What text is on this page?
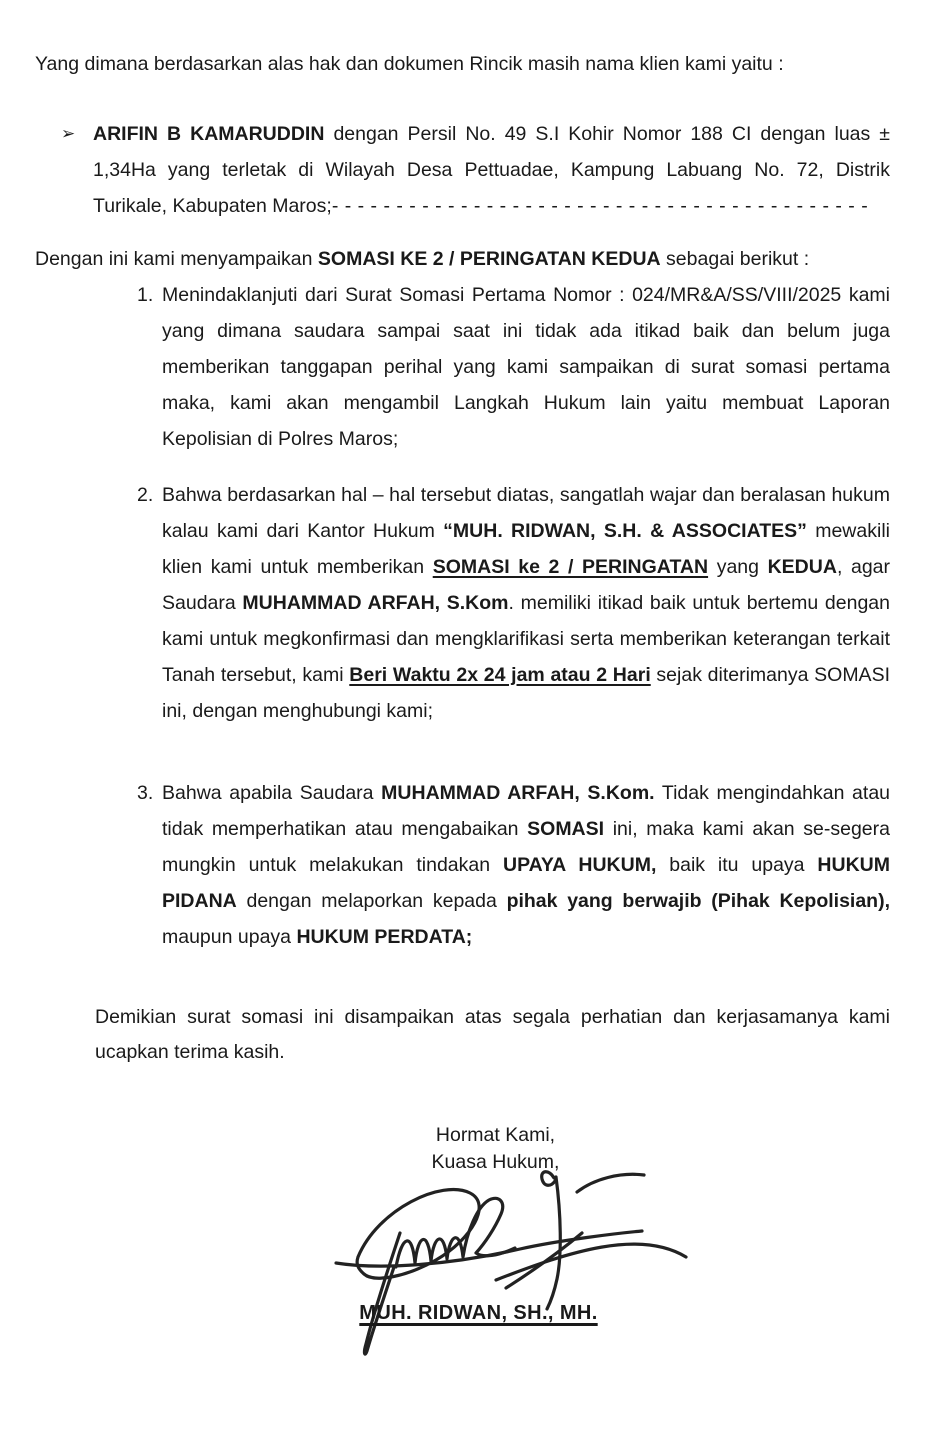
Yang dimana berdasarkan alas hak dan dokumen Rincik masih nama klien kami yaitu :

➢ ARIFIN B KAMARUDDIN dengan Persil No. 49 S.I Kohir Nomor 188 CI dengan luas ± 1,34Ha yang terletak di Wilayah Desa Pettuadae, Kampung Labuang No. 72, Distrik Turikale, Kabupaten Maros;- - - - - - - - - - - - - - - - - - - - - - - - - - - - - - - - - - - - - - - - - -

Dengan ini kami menyampaikan SOMASI KE 2 / PERINGATAN KEDUA sebagai berikut :

1. Menindaklanjuti dari Surat Somasi Pertama Nomor : 024/MR&A/SS/VIII/2025 kami yang dimana saudara sampai saat ini tidak ada itikad baik dan belum juga memberikan tanggapan perihal yang kami sampaikan di surat somasi pertama maka, kami akan mengambil Langkah Hukum lain yaitu membuat Laporan Kepolisian di Polres Maros;
2. Bahwa berdasarkan hal – hal tersebut diatas, sangatlah wajar dan beralasan hukum kalau kami dari Kantor Hukum “MUH. RIDWAN, S.H. & ASSOCIATES” mewakili klien kami untuk memberikan SOMASI ke 2 / PERINGATAN yang KEDUA, agar Saudara MUHAMMAD ARFAH, S.Kom. memiliki itikad baik untuk bertemu dengan kami untuk megkonfirmasi dan mengklarifikasi serta memberikan keterangan terkait Tanah tersebut, kami Beri Waktu 2x 24 jam atau 2 Hari sejak diterimanya SOMASI ini, dengan menghubungi kami;
3. Bahwa apabila Saudara MUHAMMAD ARFAH, S.Kom. Tidak mengindahkan atau tidak memperhatikan atau mengabaikan SOMASI ini, maka kami akan se-segera mungkin untuk melakukan tindakan UPAYA HUKUM, baik itu upaya HUKUM PIDANA dengan melaporkan kepada pihak yang berwajib (Pihak Kepolisian), maupun upaya HUKUM PERDATA;

Demikian surat somasi ini disampaikan atas segala perhatian dan kerjasamanya kami ucapkan terima kasih.

Hormat Kami,
Kuasa Hukum,
MUH. RIDWAN, SH., MH.
